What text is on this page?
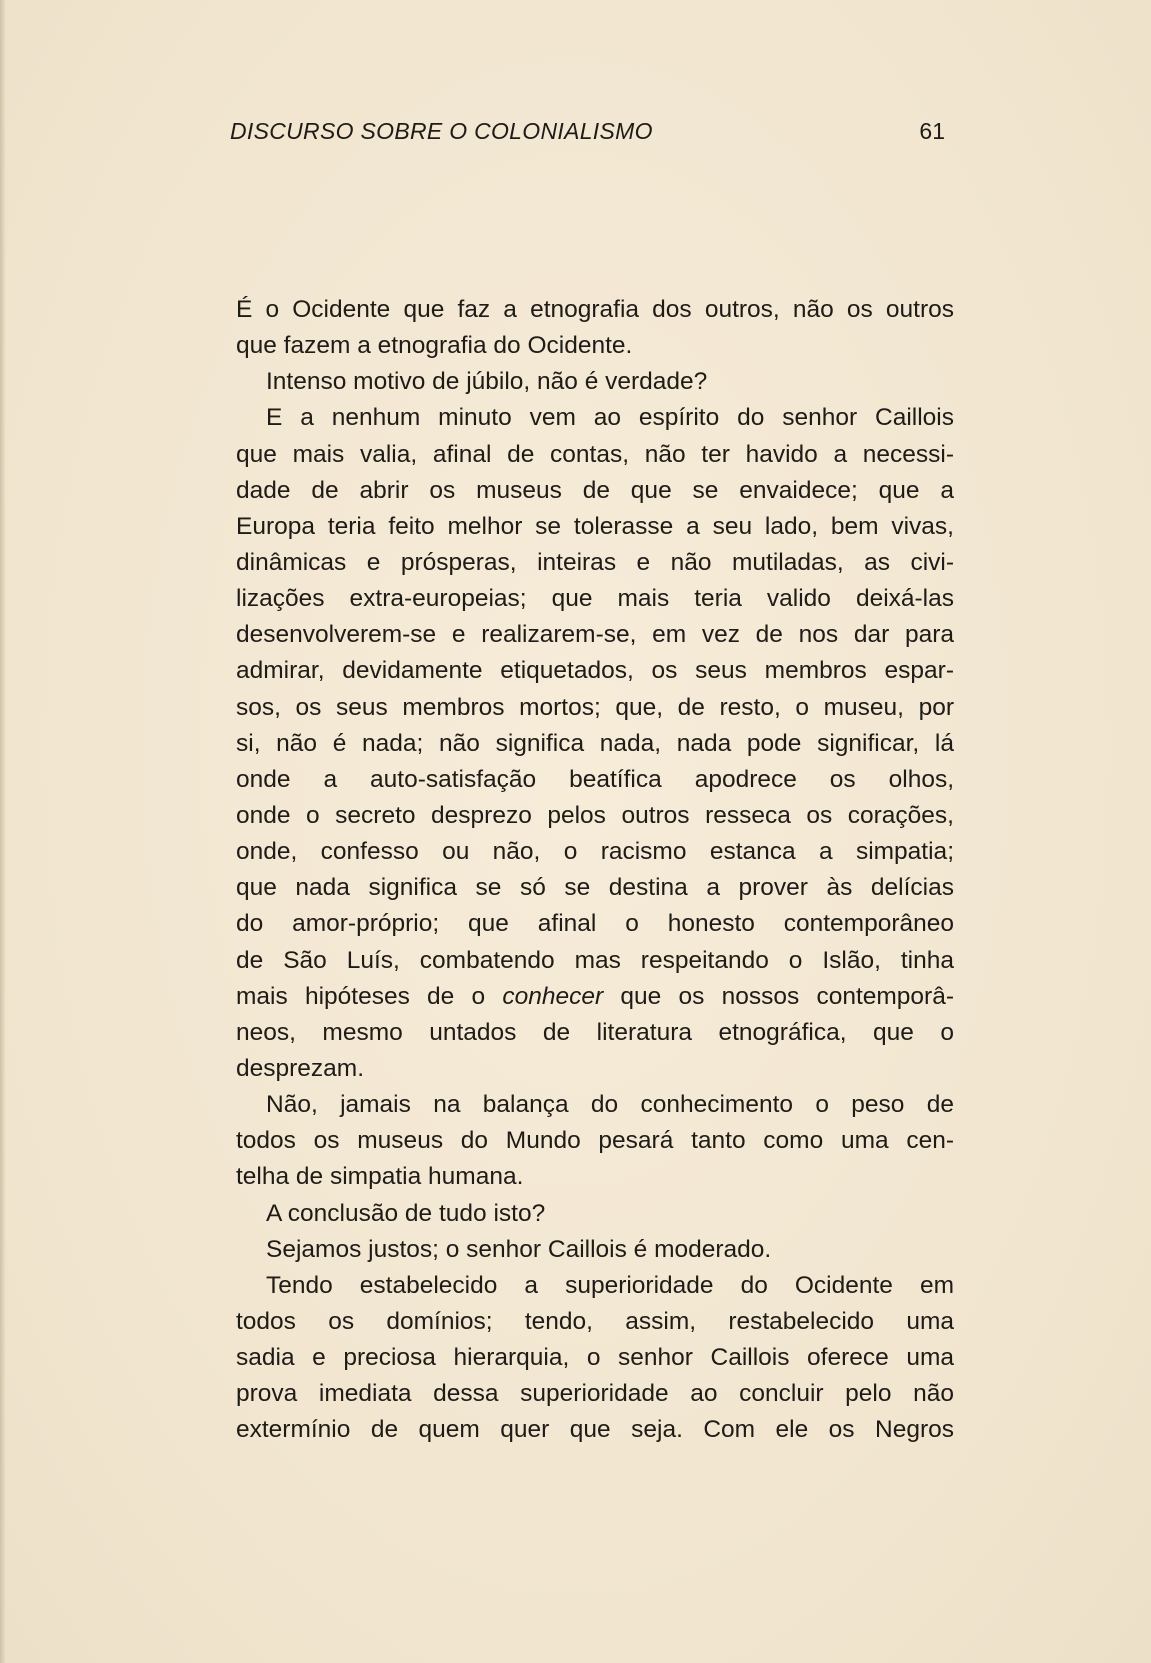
DISCURSO SOBRE O COLONIALISMO	61
É o Ocidente que faz a etnografia dos outros, não os outros
que fazem a etnografia do Ocidente.
Intenso motivo de júbilo, não é verdade?
E a nenhum minuto vem ao espírito do senhor Caillois
que mais valia, afinal de contas, não ter havido a necessi-
dade de abrir os museus de que se envaidece; que a
Europa teria feito melhor se tolerasse a seu lado, bem vivas,
dinâmicas e prósperas, inteiras e não mutiladas, as civi-
lizações extra-europeias; que mais teria valido deixá-las
desenvolverem-se e realizarem-se, em vez de nos dar para
admirar, devidamente etiquetados, os seus membros espar-
sos, os seus membros mortos; que, de resto, o museu, por
si, não é nada; não significa nada, nada pode significar, lá
onde a auto-satisfação beatífica apodrece os olhos,
onde o secreto desprezo pelos outros resseca os corações,
onde, confesso ou não, o racismo estanca a simpatia;
que nada significa se só se destina a prover às delícias
do amor-próprio; que afinal o honesto contemporâneo
de São Luís, combatendo mas respeitando o Islão, tinha
mais hipóteses de o conhecer que os nossos contemporâ-
neos, mesmo untados de literatura etnográfica, que o
desprezam.
Não, jamais na balança do conhecimento o peso de
todos os museus do Mundo pesará tanto como uma cen-
telha de simpatia humana.
A conclusão de tudo isto?
Sejamos justos; o senhor Caillois é moderado.
Tendo estabelecido a superioridade do Ocidente em
todos os domínios; tendo, assim, restabelecido uma
sadia e preciosa hierarquia, o senhor Caillois oferece uma
prova imediata dessa superioridade ao concluir pelo não
extermínio de quem quer que seja. Com ele os Negros
